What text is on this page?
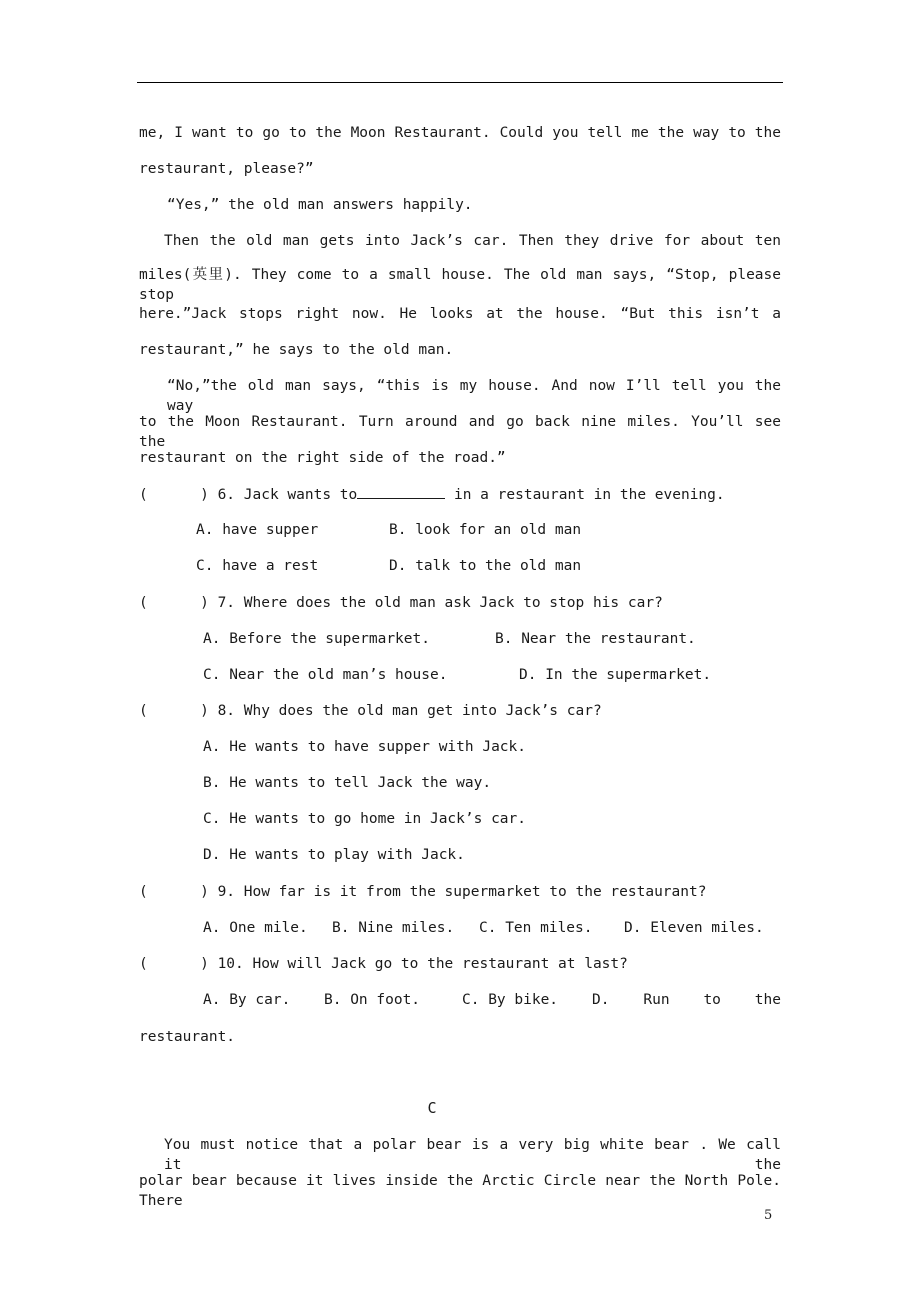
me, I want to go to the Moon Restaurant. Could you tell me the way to the

restaurant, please?”

“Yes,” the old man answers happily.

Then the old man gets into Jack’s car. Then they drive for about ten

miles(英里). They come to a small house. The old man says, “Stop, please stop

here.”Jack stops right now. He looks at the house. “But this isn’t a

restaurant,” he says to the old man.

“No,”the old man says, “this is my house. And now I’ll tell you the way

to the Moon Restaurant. Turn around and go back nine miles. You’ll see the

restaurant on the right side of the road.”

(      ) 6. Jack wants to	in a restaurant in the evening.
A. have supper	B. look for an old man
C. have a rest	D. talk to the old man
(      ) 7. Where does the old man ask Jack to stop his car?
A. Before the supermarket.	B. Near the restaurant.
C. Near the old man’s house.	D. In the supermarket.
(      ) 8. Why does the old man get into Jack’s car?
A. He wants to have supper with Jack.
B. He wants to tell Jack the way.
C. He wants to go home in Jack’s car.
D. He wants to play with Jack.
(      ) 9. How far is it from the supermarket to the restaurant?
A. One mile.	B. Nine miles.	C. Ten miles.	D. Eleven miles.
(      ) 10. How will Jack go to the restaurant at last?
A. By car.	B. On foot.	C. By bike.	D. Run to the
restaurant.
C

You must notice that a polar bear is a very big white bear . We call it the

polar bear because it lives inside the Arctic Circle near the North Pole. There

5
